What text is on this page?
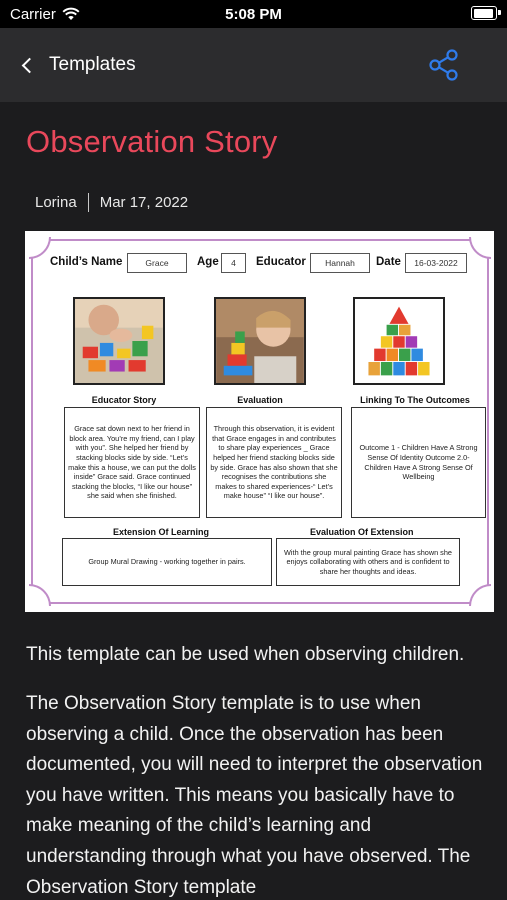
Carrier	5:08 PM
Templates
Observation Story
Lorina Mar 17, 2022
Child’s Name	Grace	Age	4	Educator	Hannah	Date	16-03-2022
Educator Story	Evaluation	Linking To The Outcomes
Grace sat down next to her friend in block area. You’re my friend, can I play with you”. She helped her friend by stacking blocks side by side. “Let’s make this a house, we can put the dolls inside” Grace said. Grace continued stacking the blocks, “I like our house” she said when she finished.
Through this observation, it is evident that Grace engages in and contributes to share play experiences _ Grace helped her friend stacking blocks side by side. Grace has also shown that she recognises the contributions she makes to shared experiences-“ Let’s make house” “I like our house”.
Outcome 1 - Children Have A Strong Sense Of Identity Outcome 2.0- Children Have A Strong Sense Of Wellbeing
Extension Of Learning	Evaluation Of Extension
Group Mural Drawing - working together in pairs.
With the group mural painting Grace has shown she enjoys collaborating with others and is confident to share her thoughts and ideas.

This template can be used when observing children.

The Observation Story template is to use when observing a child. Once the observation has been documented, you will need to interpret the observation you have written. This means you basically have to make meaning of the child’s learning and understanding through what you have observed. The Observation Story template
